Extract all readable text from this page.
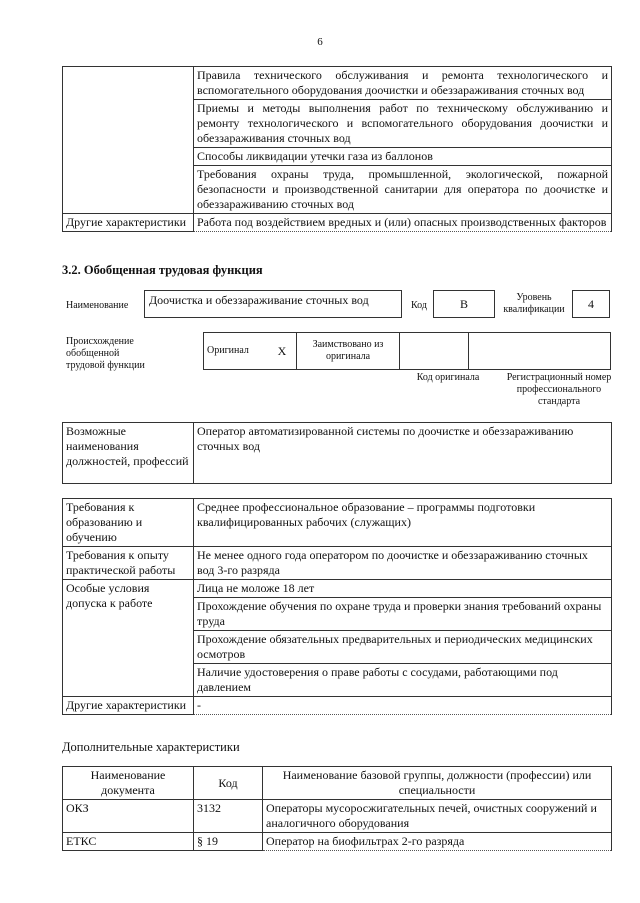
6
	Правила технического обслуживания и ремонта технологического и вспомогательного оборудования доочистки и обеззараживания сточных вод
	Приемы и методы выполнения работ по техническому обслуживанию и ремонту технологического и вспомогательного оборудования доочистки и обеззараживания сточных вод
	Способы ликвидации утечки газа из баллонов
	Требования охраны труда, промышленной, экологической, пожарной безопасности и производственной санитарии для оператора по доочистке и обеззараживанию сточных вод
Другие характеристики	Работа под воздействием вредных и (или) опасных производственных факторов
3.2. Обобщенная трудовая функция
Наименование	Доочистка и обеззараживание сточных вод	Код	B	Уровень квалификации	4
Происхождение обобщенной трудовой функции
Оригинал	X	Заимствовано из оригинала		
Код оригинала	Регистрационный номер профессионального стандарта
Возможные наименования должностей, профессий	Оператор автоматизированной системы по доочистке и обеззараживанию сточных вод
Требования к образованию и обучению	Среднее профессиональное образование – программы подготовки квалифицированных рабочих (служащих)
Требования к опыту практической работы	Не менее одного года оператором по доочистке и обеззараживанию сточных вод 3-го разряда
Особые условия допуска к работе	Лица не моложе 18 лет
	Прохождение обучения по охране труда и проверки знания требований охраны труда
	Прохождение обязательных предварительных и периодических медицинских осмотров
	Наличие удостоверения о праве работы с сосудами, работающими под давлением
Другие характеристики	-
Дополнительные характеристики
Наименование документа	Код	Наименование базовой группы, должности (профессии) или специальности
ОКЗ	3132	Операторы мусоросжигательных печей, очистных сооружений и аналогичного оборудования
ЕТКС	§ 19	Оператор на биофильтрах 2-го разряда
